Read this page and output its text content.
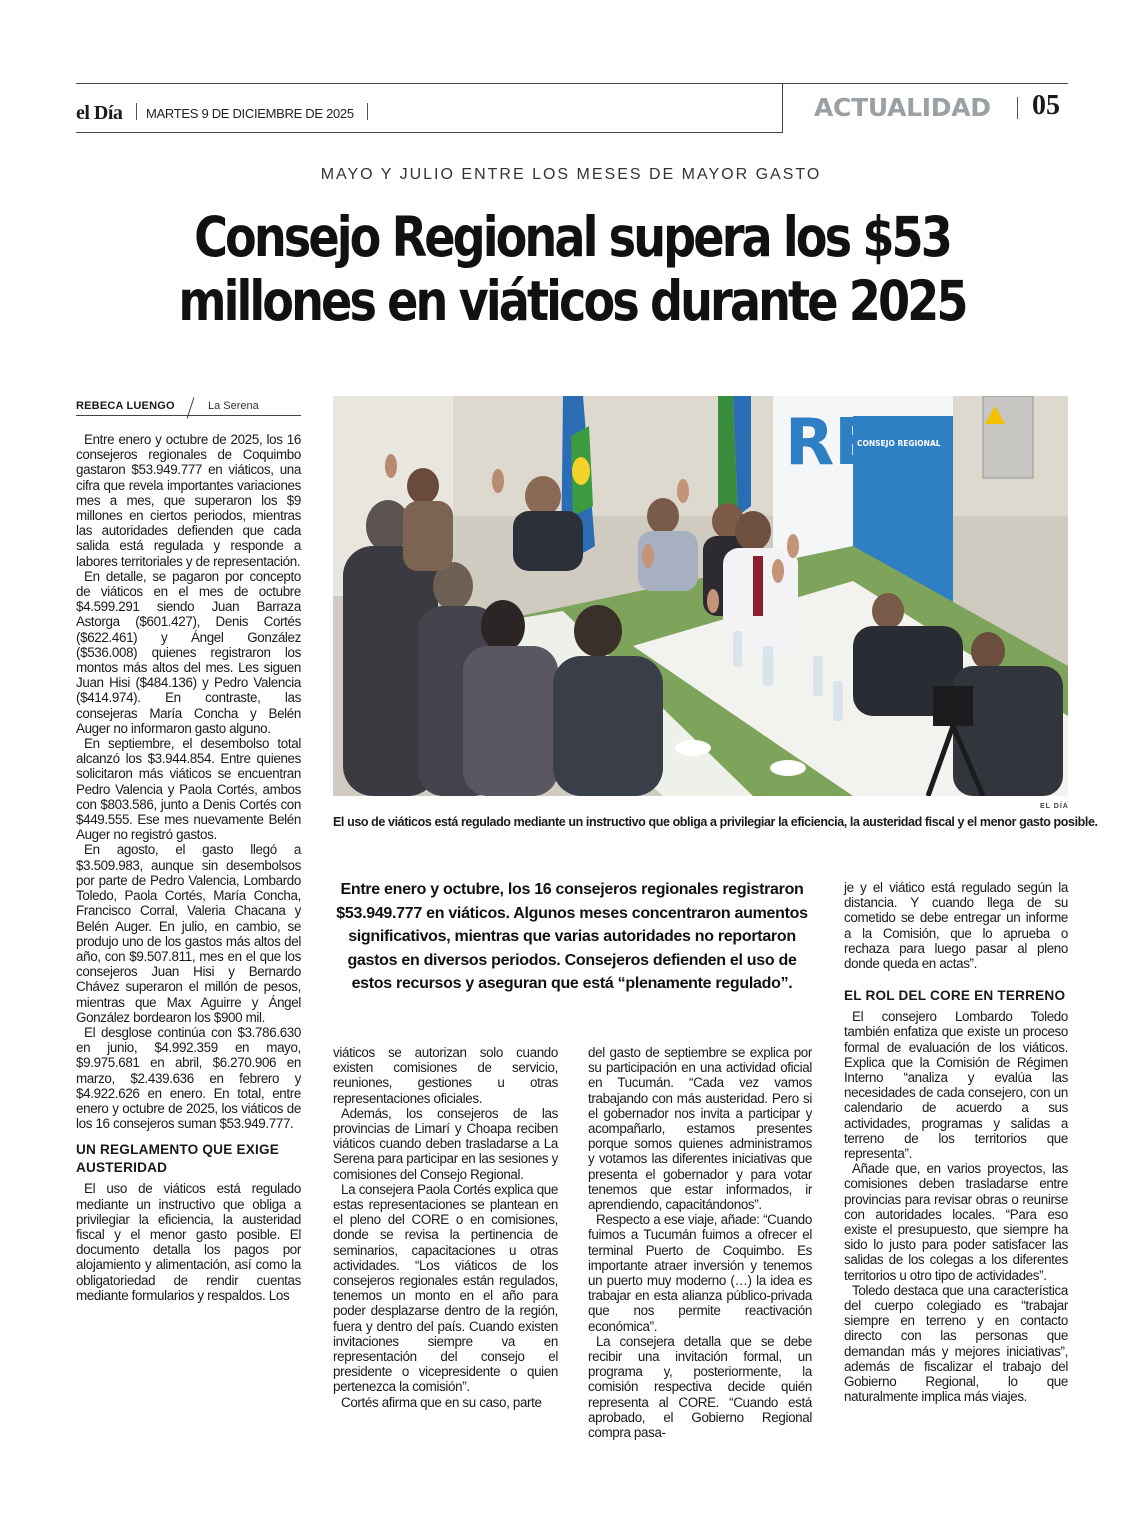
el Día MARTES 9 DE DICIEMBRE DE 2025	ACTUALIDAD 05
MAYO Y JULIO ENTRE LOS MESES DE MAYOR GASTO
Consejo Regional supera los $53 millones en viáticos durante 2025
REBECA LUENGO	La Serena	RE
CONSEJO REGIONAL
EL DÍA
El uso de viáticos está regulado mediante un instructivo que obliga a privilegiar la eficiencia, la austeridad fiscal y el menor gasto posible.

Entre enero y octubre de 2025, los 16 consejeros regionales de Coquimbo gastaron $53.949.777 en viáticos, una cifra que revela importantes variaciones mes a mes, que superaron los $9 millones en ciertos periodos, mientras las autoridades defienden que cada salida está regulada y responde a labores territoriales y de representación.

En detalle, se pagaron por concepto de viáticos en el mes de octubre $4.599.291 siendo Juan Barraza Astorga ($601.427), Denis Cortés ($622.461) y Ángel González ($536.008) quienes registraron los montos más altos del mes. Les siguen Juan Hisi ($484.136) y Pedro Valencia ($414.974). En contraste, las consejeras María Concha y Belén Auger no informaron gasto alguno.

En septiembre, el desembolso total alcanzó los $3.944.854. Entre quienes solicitaron más viáticos se encuentran Pedro Valencia y Paola Cortés, ambos con $803.586, junto a Denis Cortés con $449.555. Ese mes nuevamente Belén Auger no registró gastos.

En agosto, el gasto llegó a $3.509.983, aunque sin desembolsos por parte de Pedro Valencia, Lombardo Toledo, Paola Cortés, María Concha, Francisco Corral, Valeria Chacana y Belén Auger. En julio, en cambio, se produjo uno de los gastos más altos del año, con $9.507.811, mes en el que los consejeros Juan Hisi y Bernardo Chávez superaron el millón de pesos, mientras que Max Aguirre y Ángel González bordearon los $900 mil.

El desglose continúa con $3.786.630 en junio, $4.992.359 en mayo, $9.975.681 en abril, $6.270.906 en marzo, $2.439.636 en febrero y $4.922.626 en enero. En total, entre enero y octubre de 2025, los viáticos de los 16 consejeros suman $53.949.777.

UN REGLAMENTO QUE EXIGE AUSTERIDAD

El uso de viáticos está regulado mediante un instructivo que obliga a privilegiar la eficiencia, la austeridad fiscal y el menor gasto posible. El documento detalla los pagos por alojamiento y alimentación, así como la obligatoriedad de rendir cuentas mediante formularios y respaldos. Los

Entre enero y octubre, los 16 consejeros regionales registraron $53.949.777 en viáticos. Algunos meses concentraron aumentos significativos, mientras que varias autoridades no reportaron gastos en diversos periodos. Consejeros defienden el uso de estos recursos y aseguran que está “plenamente regulado”.

viáticos se autorizan solo cuando existen comisiones de servicio, reuniones, gestiones u otras representaciones oficiales.

Además, los consejeros de las provincias de Limarí y Choapa reciben viáticos cuando deben trasladarse a La Serena para participar en las sesiones y comisiones del Consejo Regional.

La consejera Paola Cortés explica que estas representaciones se plantean en el pleno del CORE o en comisiones, donde se revisa la pertinencia de seminarios, capacitaciones u otras actividades. “Los viáticos de los consejeros regionales están regulados, tenemos un monto en el año para poder desplazarse dentro de la región, fuera y dentro del país. Cuando existen invitaciones siempre va en representación del consejo el presidente o vicepresidente o quien pertenezca la comisión”.

Cortés afirma que en su caso, parte

del gasto de septiembre se explica por su participación en una actividad oficial en Tucumán. “Cada vez vamos trabajando con más austeridad. Pero si el gobernador nos invita a participar y acompañarlo, estamos presentes porque somos quienes administramos y votamos las diferentes iniciativas que presenta el gobernador y para votar tenemos que estar informados, ir aprendiendo, capacitándonos”.

Respecto a ese viaje, añade: “Cuando fuimos a Tucumán fuimos a ofrecer el terminal Puerto de Coquimbo. Es importante atraer inversión y tenemos un puerto muy moderno (…) la idea es trabajar en esta alianza público-privada que nos permite reactivación económica”.

La consejera detalla que se debe recibir una invitación formal, un programa y, posteriormente, la comisión respectiva decide quién representa al CORE. “Cuando está aprobado, el Gobierno Regional compra pasa-

je y el viático está regulado según la distancia. Y cuando llega de su cometido se debe entregar un informe a la Comisión, que lo aprueba o rechaza para luego pasar al pleno donde queda en actas”.

EL ROL DEL CORE EN TERRENO

El consejero Lombardo Toledo también enfatiza que existe un proceso formal de evaluación de los viáticos. Explica que la Comisión de Régimen Interno “analiza y evalúa las necesidades de cada consejero, con un calendario de acuerdo a sus actividades, programas y salidas a terreno de los territorios que representa”.

Añade que, en varios proyectos, las comisiones deben trasladarse entre provincias para revisar obras o reunirse con autoridades locales. “Para eso existe el presupuesto, que siempre ha sido lo justo para poder satisfacer las salidas de los colegas a los diferentes territorios u otro tipo de actividades”.

Toledo destaca que una característica del cuerpo colegiado es “trabajar siempre en terreno y en contacto directo con las personas que demandan más y mejores iniciativas”, además de fiscalizar el trabajo del Gobierno Regional, lo que naturalmente implica más viajes.
